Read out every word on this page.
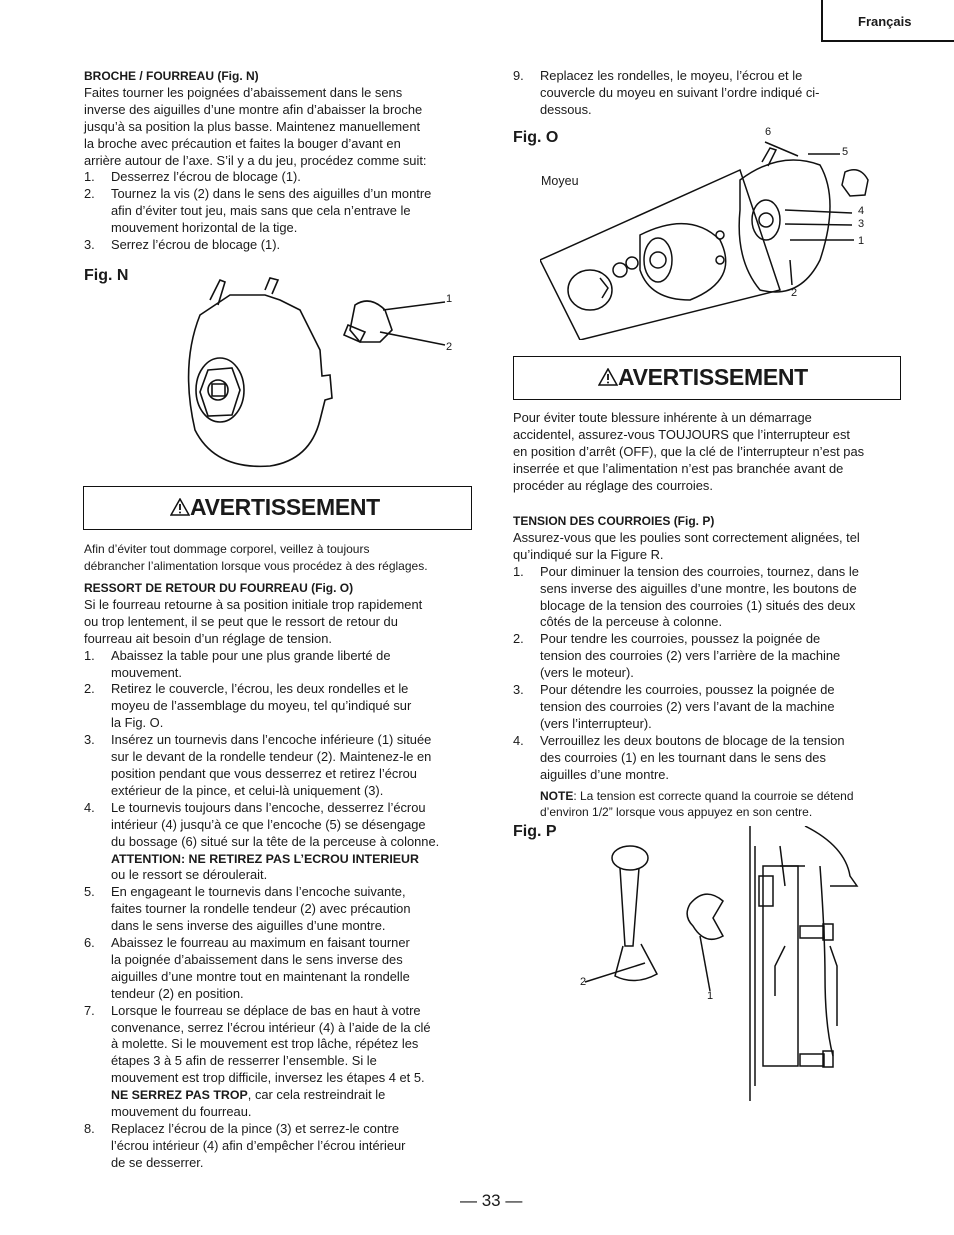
Français

BROCHE / FOURREAU (Fig. N)

Faites tourner les poignées d’abaissement dans le sens

inverse des aiguilles d’une montre afin d’abaisser la broche

jusqu’à sa position la plus basse. Maintenez manuellement

la broche avec précaution et faites la bouger d’avant en

arrière autour de l’axe. S’il y a du jeu, procédez comme suit:

1. Desserrez l’écrou de blocage (1).
2. Tournez la vis (2) dans le sens des aiguilles d’un montre
afin d’éviter tout jeu, mais sans que cela n’entrave le
mouvement horizontal de la tige.
3. Serrez l’écrou de blocage (1).
Fig. N
1
2
AVERTISSEMENT

Afin d’éviter tout dommage corporel, veillez à toujours

débrancher l’alimentation lorsque vous procédez à des réglages.

RESSORT DE RETOUR DU FOURREAU (Fig. O)

Si le fourreau retourne à sa position initiale trop rapidement

ou trop lentement, il se peut que le ressort de retour du

fourreau ait besoin d’un réglage de tension.

1. Abaissez la table pour une plus grande liberté de
mouvement.
2. Retirez le couvercle, l’écrou, les deux rondelles et le
moyeu de l’assemblage du moyeu, tel qu’indiqué sur
la Fig. O.
3. Insérez un tournevis dans l’encoche inférieure (1) située
sur le devant de la rondelle tendeur (2). Maintenez-le en
position pendant que vous desserrez et retirez l’écrou
extérieur de la pince, et celui-là uniquement (3).
4. Le tournevis toujours dans l’encoche, desserrez l’écrou
intérieur (4) jusqu’à ce que l’encoche (5) se désengage
du bossage (6) situé sur la tête de la perceuse à colonne.
ATTENTION: NE RETIREZ PAS L’ECROU INTERIEUR
ou le ressort se déroulerait.
5. En engageant le tournevis dans l’encoche suivante,
faites tourner la rondelle tendeur (2) avec précaution
dans le sens inverse des aiguilles d’une montre.
6. Abaissez le fourreau au maximum en faisant tourner
la poignée d’abaissement dans le sens inverse des
aiguilles d’une montre tout en maintenant la rondelle
tendeur (2) en position.
7. Lorsque le fourreau se déplace de bas en haut à votre
convenance, serrez l’écrou intérieur (4) à l’aide de la clé
à molette. Si le mouvement est trop lâche, répétez les
étapes 3 à 5 afin de resserrer l’ensemble. Si le
mouvement est trop difficile, inversez les étapes 4 et 5.
NE SERREZ PAS TROP, car cela restreindrait le
mouvement du fourreau.
8. Replacez l’écrou de la pince (3) et serrez-le contre
l’écrou intérieur (4) afin d’empêcher l’écrou intérieur
de se desserrer.
9. Replacez les rondelles, le moyeu, l’écrou et le
couvercle du moyeu en suivant l’ordre indiqué ci-
dessous.
Fig. O
Moyeu
6
5
4
3
1
2
AVERTISSEMENT

Pour éviter toute blessure inhérente à un démarrage

accidentel, assurez-vous TOUJOURS que l’interrupteur est

en position d’arrêt (OFF), que la clé de l’interrupteur n’est pas

inserrée et que l’alimentation n’est pas branchée avant de

procéder au réglage des courroies.

TENSION DES COURROIES (Fig. P)

Assurez-vous que les poulies sont correctement alignées, tel

qu’indiqué sur la Figure R.

1. Pour diminuer la tension des courroies, tournez, dans le
sens inverse des aiguilles d’une montre, les boutons de
blocage de la tension des courroies (1) situés des deux
côtés de la perceuse à colonne.
2. Pour tendre les courroies, poussez la poignée de
tension des courroies (2) vers l’arrière de la machine
(vers le moteur).
3. Pour détendre les courroies, poussez la poignée de
tension des courroies (2) vers l’avant de la machine
(vers l’interrupteur).
4. Verrouillez les deux boutons de blocage de la tension
des courroies (1) en les tournant dans le sens des
aiguilles d’une montre.
NOTE: La tension est correcte quand la courroie se détend
d’environ 1/2” lorsque vous appuyez en son centre.
Fig. P
2
1
— 33 —
